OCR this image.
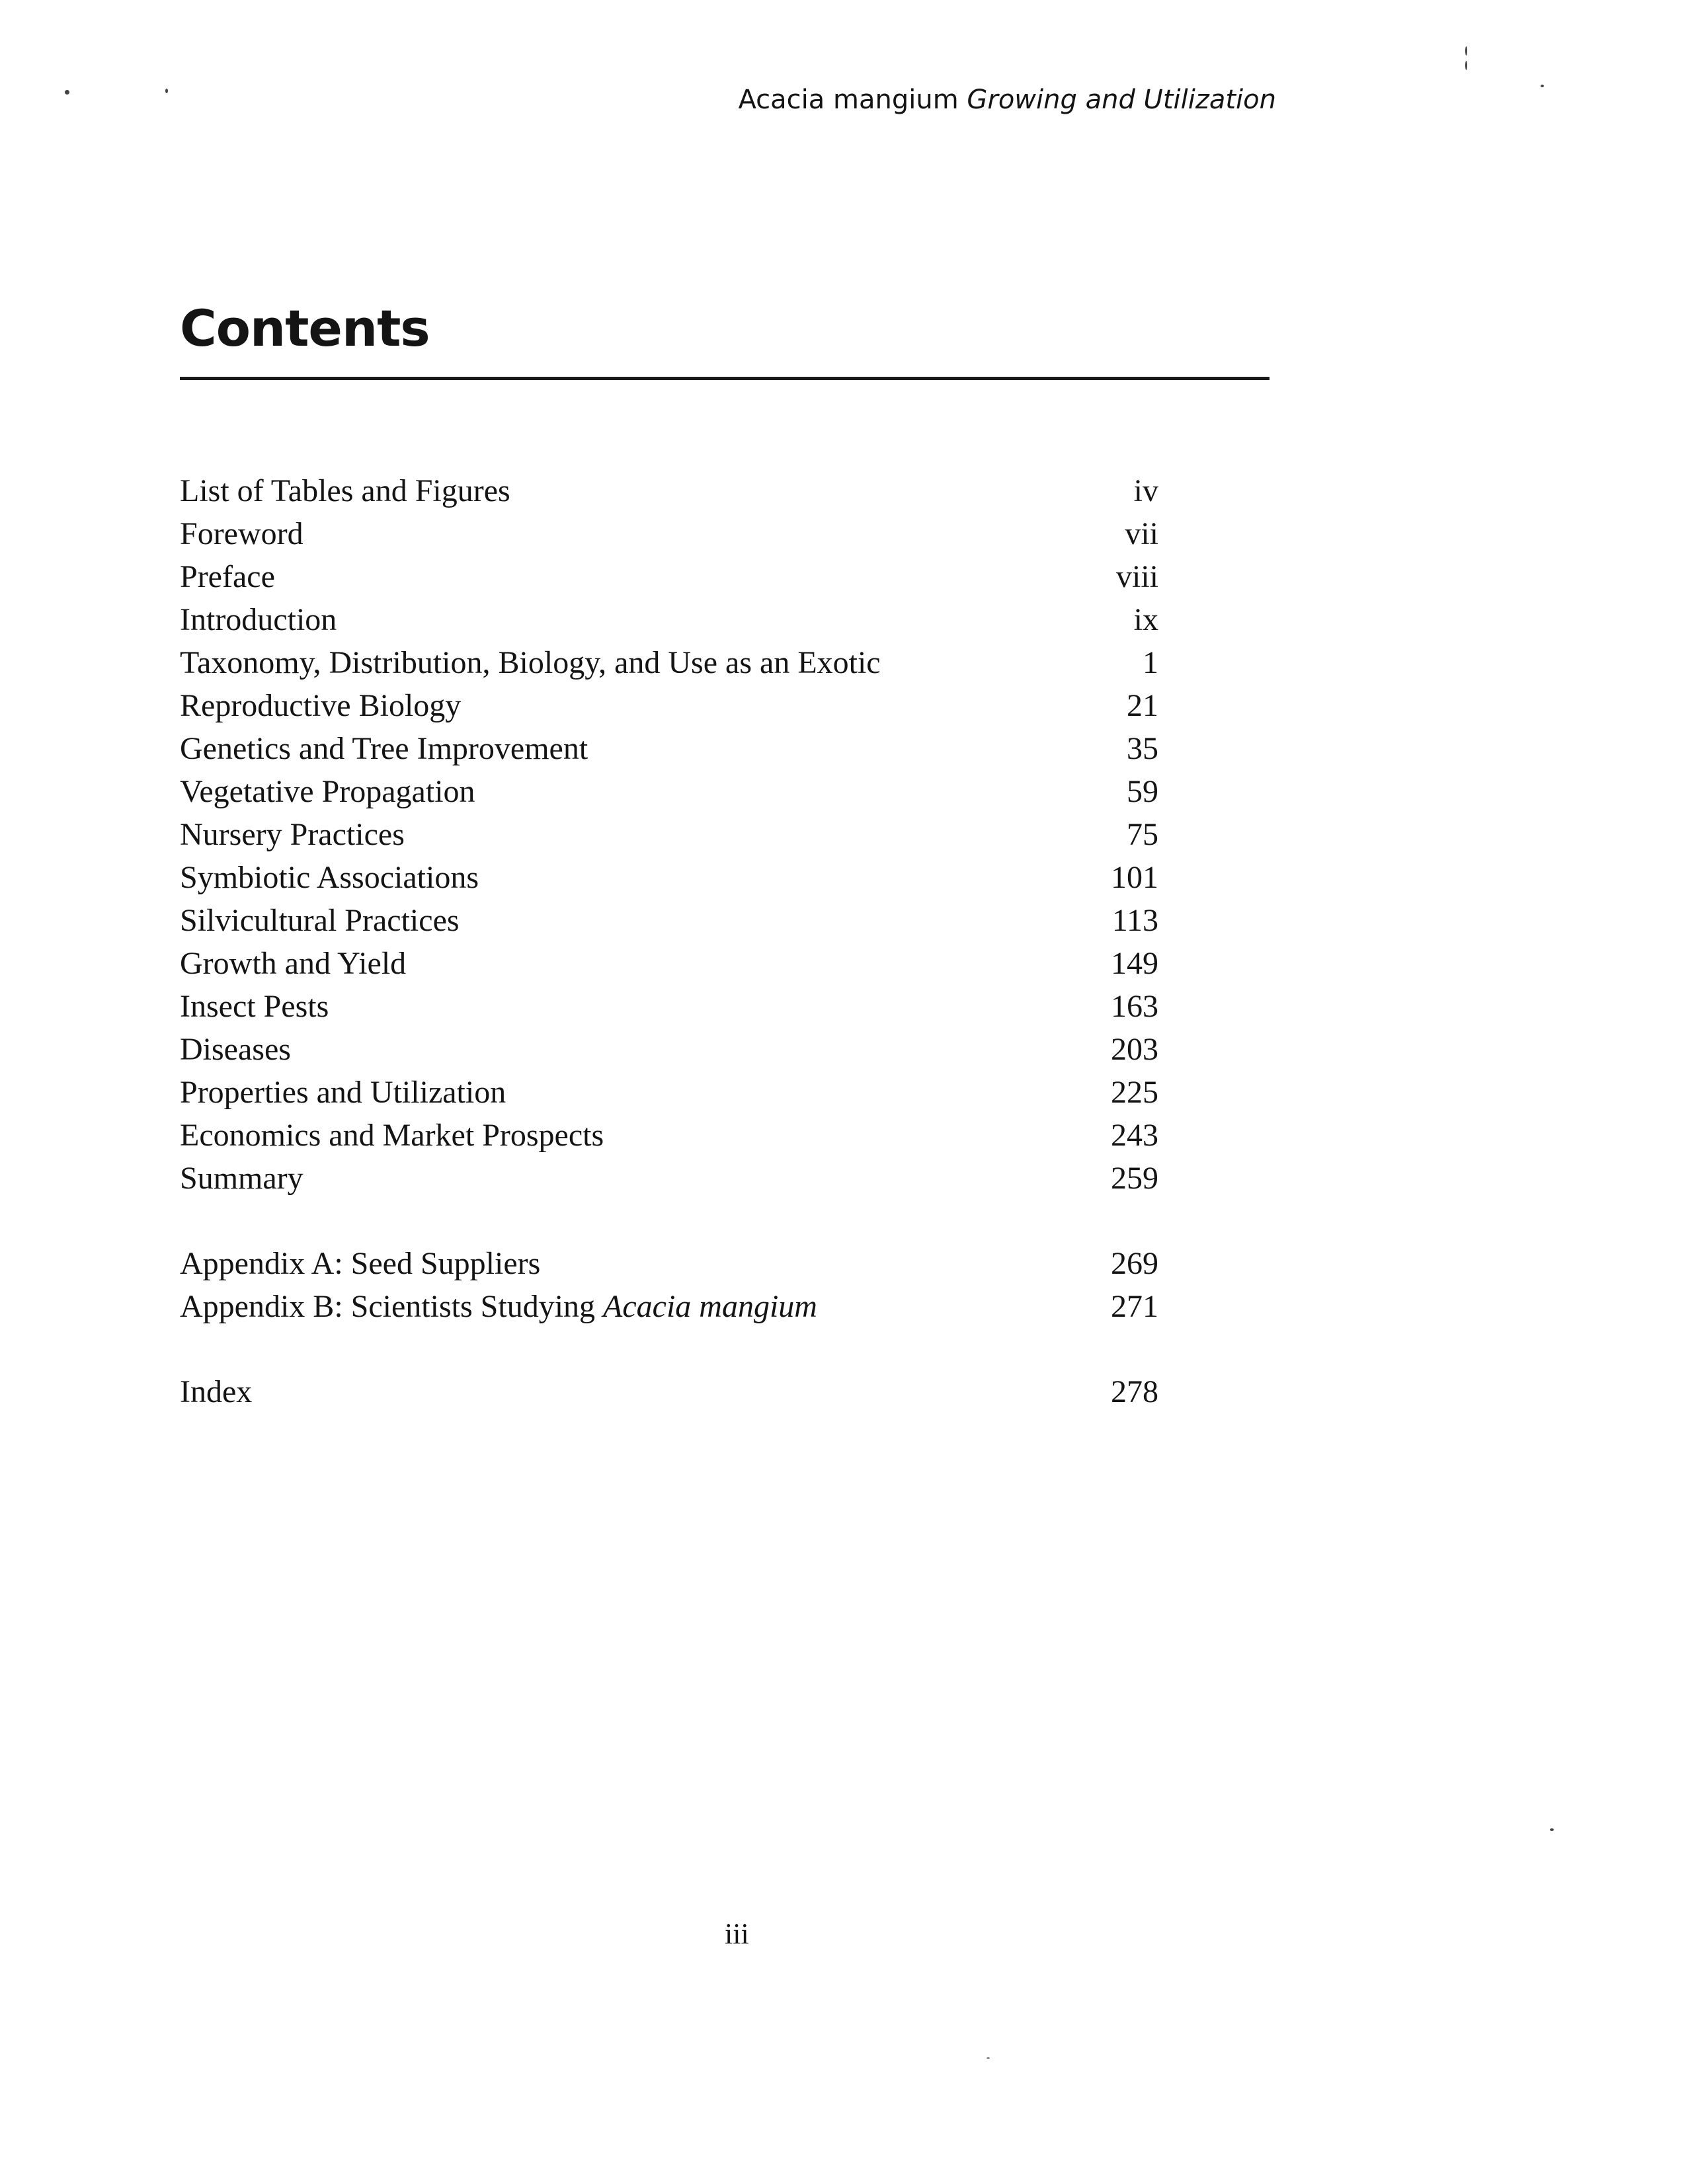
Acacia mangium Growing and Utilization
Contents
List of Tables and Figures	iv
Foreword	vii
Preface	viii
Introduction	ix
Taxonomy, Distribution, Biology, and Use as an Exotic	1
Reproductive Biology	21
Genetics and Tree Improvement	35
Vegetative Propagation	59
Nursery Practices	75
Symbiotic Associations	101
Silvicultural Practices	113
Growth and Yield	149
Insect Pests	163
Diseases	203
Properties and Utilization	225
Economics and Market Prospects	243
Summary	259
Appendix A: Seed Suppliers	269
Appendix B: Scientists Studying Acacia mangium	271
Index	278
iii
